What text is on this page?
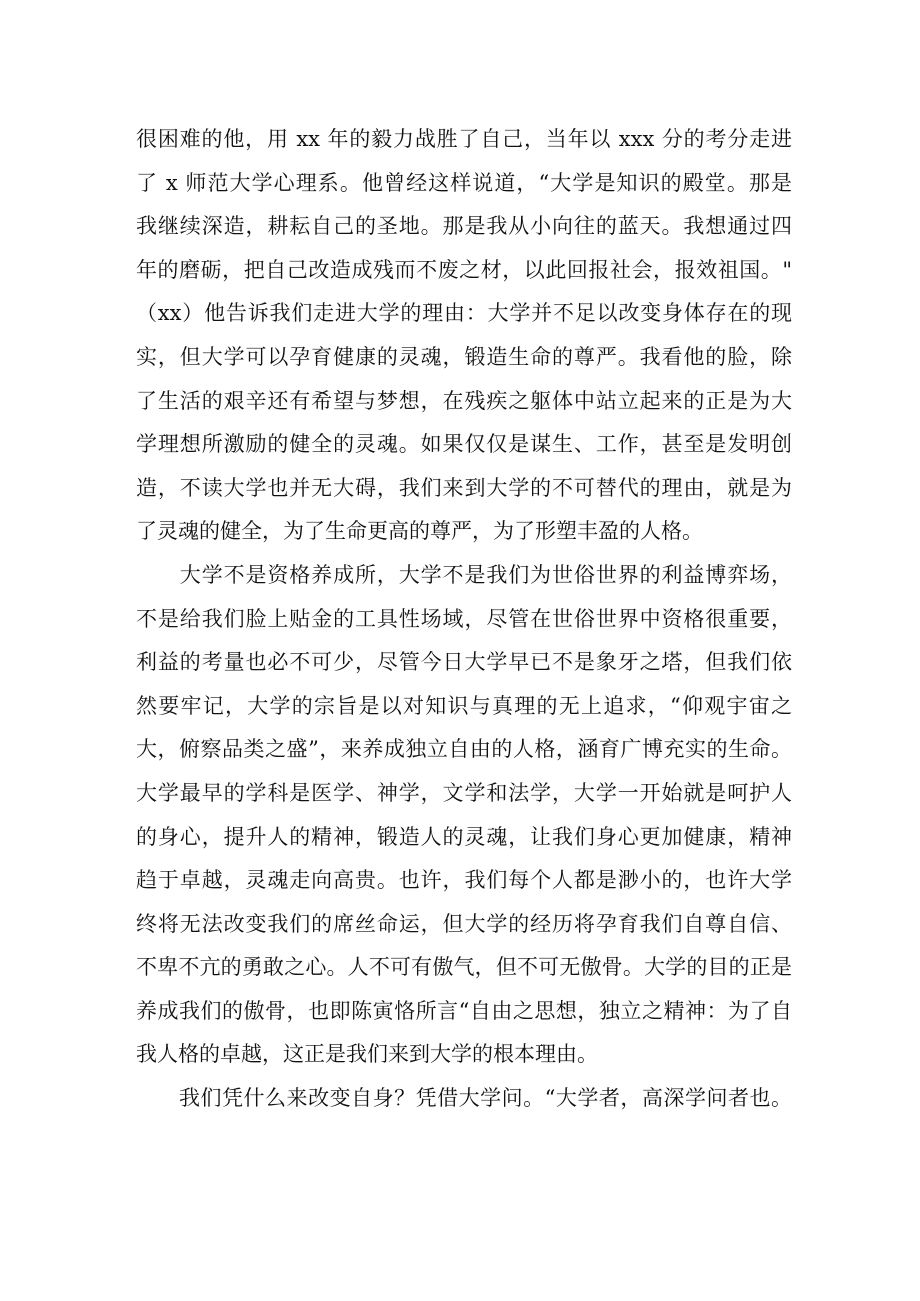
很困难的他，用 xx 年的毅力战胜了自己，当年以 xxx 分的考分走进
了 x 师范大学心理系。他曾经这样说道，“大学是知识的殿堂。那是
我继续深造，耕耘自己的圣地。那是我从小向往的蓝天。我想通过四
年的磨砺，把自己改造成残而不废之材，以此回报社会，报效祖国。"
（xx）他告诉我们走进大学的理由：大学并不足以改变身体存在的现
实，但大学可以孕育健康的灵魂，锻造生命的尊严。我看他的脸，除
了生活的艰辛还有希望与梦想，在残疾之躯体中站立起来的正是为大
学理想所激励的健全的灵魂。如果仅仅是谋生、工作，甚至是发明创
造，不读大学也并无大碍，我们来到大学的不可替代的理由，就是为
了灵魂的健全，为了生命更高的尊严，为了形塑丰盈的人格。
　　大学不是资格养成所，大学不是我们为世俗世界的利益博弈场，
不是给我们脸上贴金的工具性场域，尽管在世俗世界中资格很重要，
利益的考量也必不可少，尽管今日大学早已不是象牙之塔，但我们依
然要牢记，大学的宗旨是以对知识与真理的无上追求，“仰观宇宙之
大，俯察品类之盛”，来养成独立自由的人格，涵育广博充实的生命。
大学最早的学科是医学、神学，文学和法学，大学一开始就是呵护人
的身心，提升人的精神，锻造人的灵魂，让我们身心更加健康，精神
趋于卓越，灵魂走向高贵。也许，我们每个人都是渺小的，也许大学
终将无法改变我们的席丝命运，但大学的经历将孕育我们自尊自信、
不卑不亢的勇敢之心。人不可有傲气，但不可无傲骨。大学的目的正是
养成我们的傲骨，也即陈寅恪所言“自由之思想，独立之精神：为了自
我人格的卓越，这正是我们来到大学的根本理由。
　　我们凭什么来改变自身？凭借大学问。“大学者，高深学问者也。
